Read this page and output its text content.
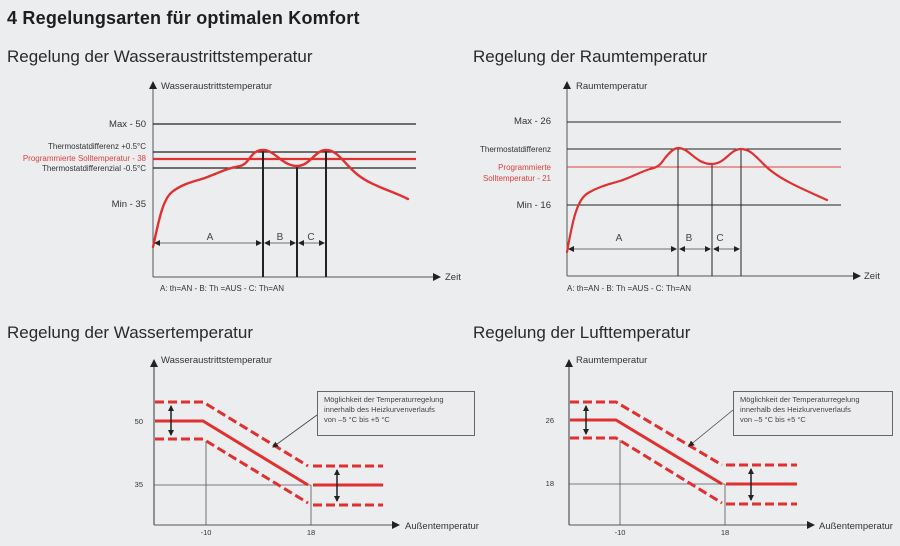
4 Regelungsarten für optimalen Komfort
Regelung der Wasseraustrittstemperatur	Regelung der Raumtemperatur
Regelung der Wassertemperatur	Regelung der Lufttemperatur
Wasseraustrittstemperatur
Zeit
Max - 50
Thermostatdifferenz +0.5°C
Programmierte Solltemperatur - 38
Thermostatdifferenzial -0.5°C
Min - 35
A	B C
A: th=AN - B: Th =AUS - C: Th=AN
Raumtemperatur
Zeit
Max - 26
Thermostatdifferenz
Programmierte
Solltemperatur - 21
Min - 16
A	B C
A: th=AN - B: Th =AUS - C: Th=AN
Wasseraustrittstemperatur
Außentemperatur
50
35
-10	18
Raumtemperatur
Außentemperatur
26
18
-10	18
Möglichkeit der Temperaturregelung
innerhalb des Heizkurvenverlaufs
von –5 °C bis +5 °C
Möglichkeit der Temperaturregelung
innerhalb des Heizkurvenverlaufs
von –5 °C bis +5 °C
